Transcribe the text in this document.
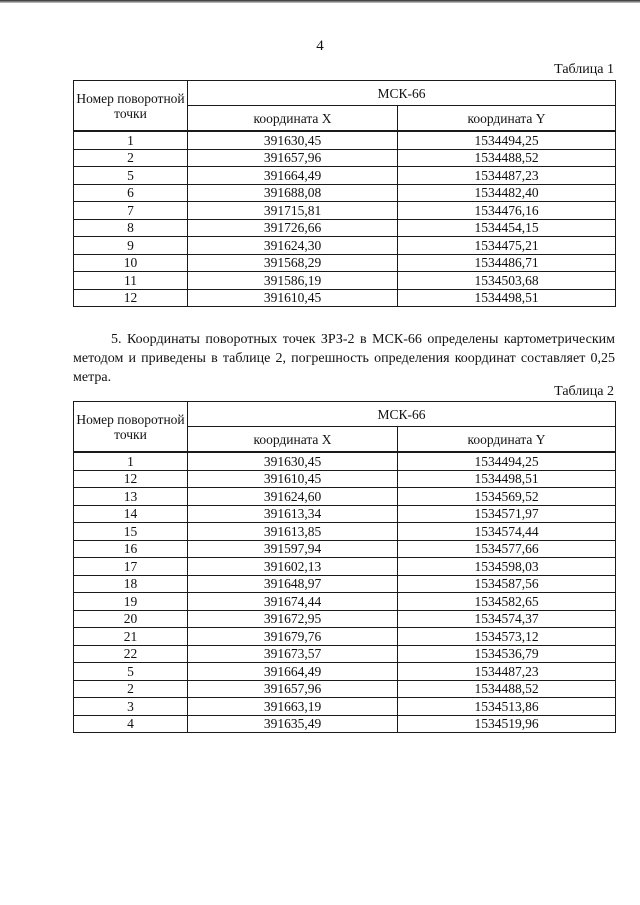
4
Таблица 1
Номер поворотной точки	МСК-66	
	координата X	координата Y
1	391630,45	1534494,25
2	391657,96	1534488,52
5	391664,49	1534487,23
6	391688,08	1534482,40
7	391715,81	1534476,16
8	391726,66	1534454,15
9	391624,30	1534475,21
10	391568,29	1534486,71
11	391586,19	1534503,68
12	391610,45	1534498,51
Таблица 2
Номер поворотной точки	МСК-66	
	координата X	координата Y
1	391630,45	1534494,25
12	391610,45	1534498,51
13	391624,60	1534569,52
14	391613,34	1534571,97
15	391613,85	1534574,44
16	391597,94	1534577,66
17	391602,13	1534598,03
18	391648,97	1534587,56
19	391674,44	1534582,65
20	391672,95	1534574,37
21	391679,76	1534573,12
22	391673,57	1534536,79
5	391664,49	1534487,23
2	391657,96	1534488,52
3	391663,19	1534513,86
4	391635,49	1534519,96
5. Координаты поворотных точек ЗРЗ-2 в МСК-66 определены картометрическим методом и приведены в таблице 2, погрешность определения координат составляет 0,25 метра.
